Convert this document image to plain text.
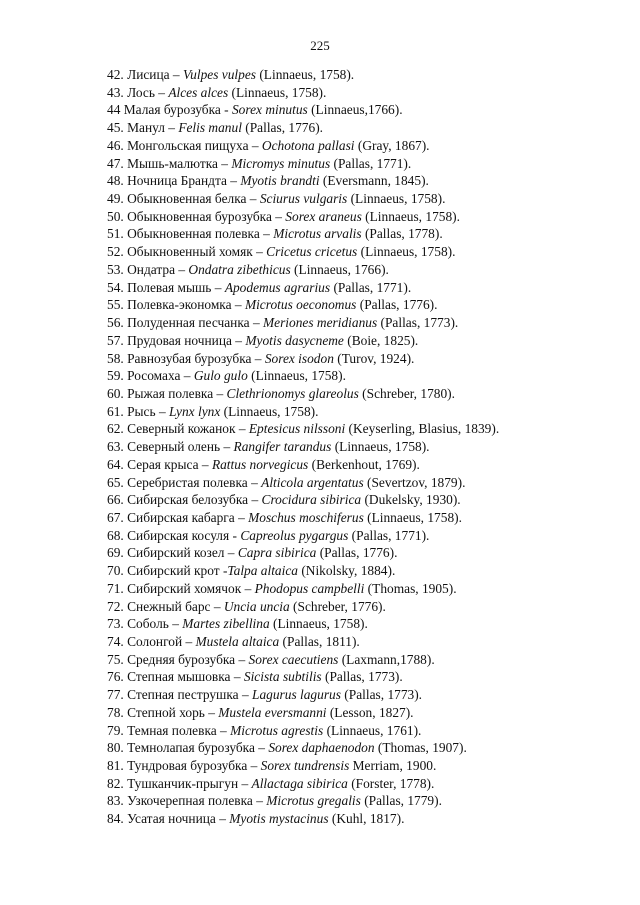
225
42. Лисица – Vulpes vulpes (Linnaeus, 1758).
43. Лось – Alces alces (Linnaeus, 1758).
44 Малая бурозубка - Sorex minutus (Linnaeus,1766).
45. Манул – Felis manul (Pallas, 1776).
46. Монгольская пищуха – Ochotona pallasi (Gray, 1867).
47. Мышь-малютка – Micromys minutus (Pallas, 1771).
48. Ночница Брандта – Myotis brandti (Eversmann, 1845).
49. Обыкновенная белка – Sciurus vulgaris (Linnaeus, 1758).
50. Обыкновенная бурозубка – Sorex araneus (Linnaeus, 1758).
51. Обыкновенная полевка – Microtus arvalis (Pallas, 1778).
52. Обыкновенный хомяк – Cricetus cricetus (Linnaeus, 1758).
53. Ондатра – Ondatra zibethicus (Linnaeus, 1766).
54. Полевая мышь – Apodemus agrarius (Pallas, 1771).
55. Полевка-экономка – Microtus oeconomus (Pallas, 1776).
56. Полуденная песчанка – Meriones meridianus (Pallas, 1773).
57. Прудовая ночница – Myotis dasycneme (Boie, 1825).
58. Равнозубая бурозубка – Sorex isodon (Turov, 1924).
59. Росомаха – Gulo gulo (Linnaeus, 1758).
60. Рыжая полевка – Clethrionomys glareolus (Schreber, 1780).
61. Рысь – Lynx lynx (Linnaeus, 1758).
62. Северный кожанок – Eptesicus nilssoni (Keyserling, Blasius, 1839).
63. Северный олень – Rangifer tarandus (Linnaeus, 1758).
64. Серая крыса – Rattus norvegicus (Berkenhout, 1769).
65. Серебристая полевка – Alticola argentatus (Severtzov, 1879).
66. Сибирская белозубка – Crocidura sibirica (Dukelsky, 1930).
67. Сибирская кабарга – Moschus moschiferus (Linnaeus, 1758).
68. Сибирская косуля - Capreolus pygargus (Pallas, 1771).
69. Сибирский козел – Capra sibirica (Pallas, 1776).
70. Сибирский крот -Talpa altaica (Nikolsky, 1884).
71. Сибирский хомячок – Phodopus campbelli (Thomas, 1905).
72. Снежный барс – Uncia uncia (Schreber, 1776).
73. Соболь – Martes zibellina (Linnaeus, 1758).
74. Солонгой – Mustela altaica (Pallas, 1811).
75. Средняя бурозубка – Sorex caecutiens (Laxmann,1788).
76. Степная мышовка – Sicista subtilis (Pallas, 1773).
77. Степная пеструшка – Lagurus lagurus (Pallas, 1773).
78. Степной хорь – Mustela eversmanni (Lesson, 1827).
79. Темная полевка – Microtus agrestis (Linnaeus, 1761).
80. Темнолапая бурозубка – Sorex daphaenodon (Thomas, 1907).
81. Тундровая бурозубка – Sorex tundrensis Merriam, 1900.
82. Тушканчик-прыгун – Allactaga sibirica (Forster, 1778).
83. Узкочерепная полевка – Microtus gregalis (Pallas, 1779).
84. Усатая ночница – Myotis mystacinus (Kuhl, 1817).
